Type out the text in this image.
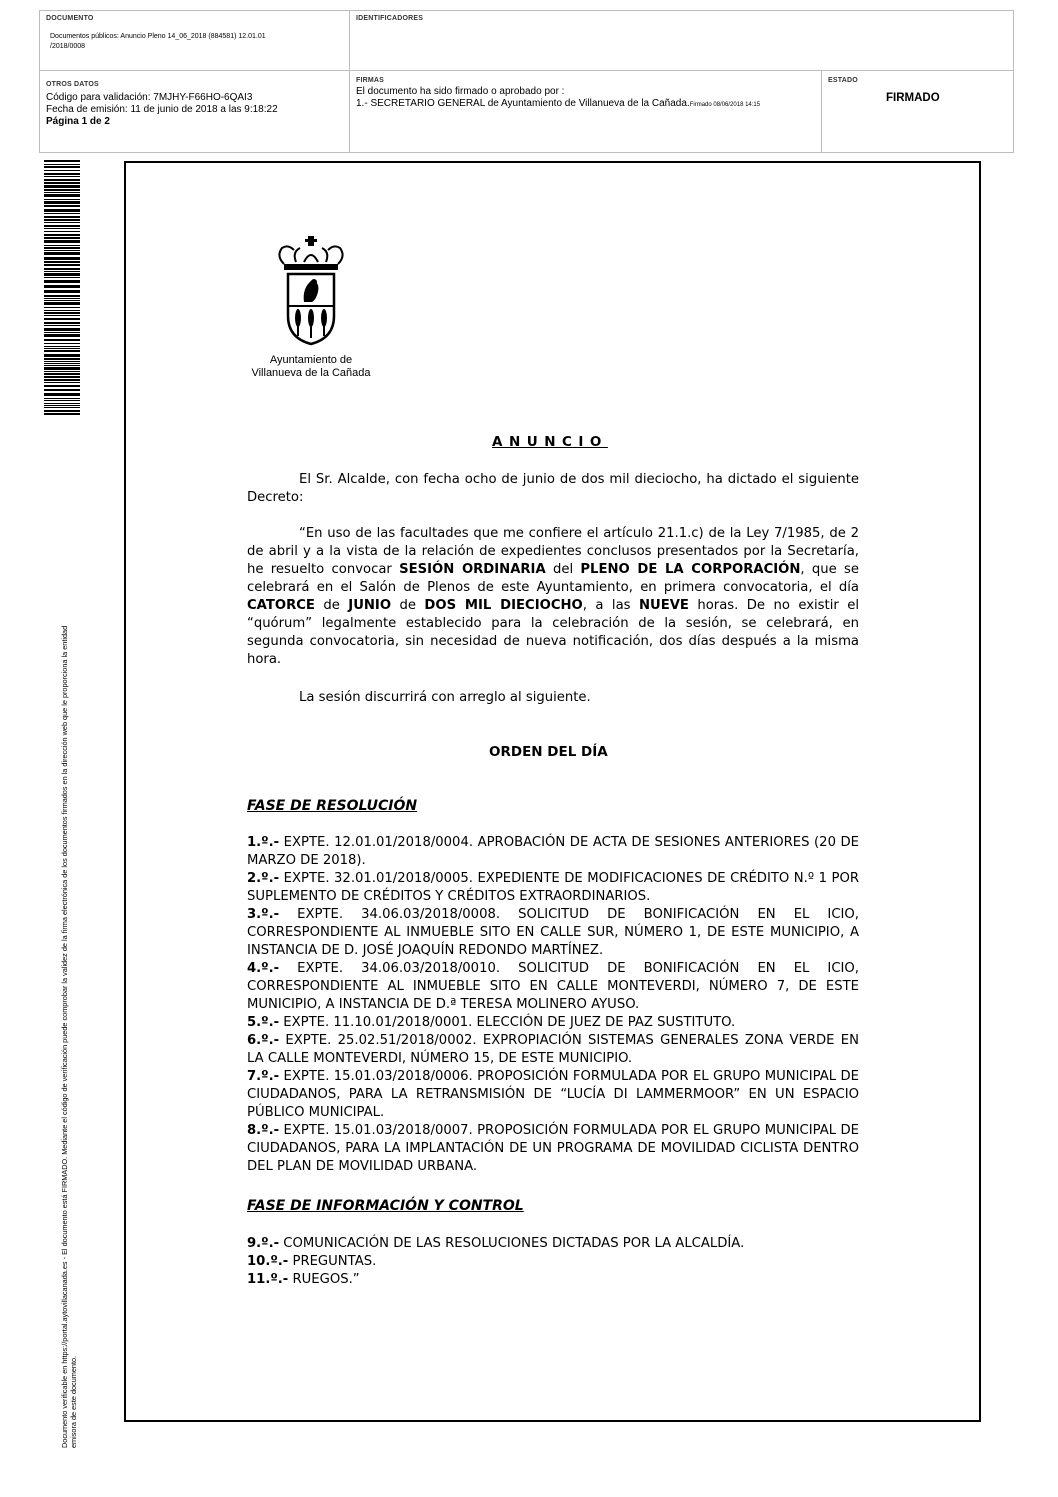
DOCUMENTO
Documentos públicos: Anuncio Pleno 14_06_2018 (884581) 12.01.01
/2018/0008
IDENTIFICADORES
OTROS DATOS
Código para validación: 7MJHY-F66HO-6QAI3
Fecha de emisión: 11 de junio de 2018 a las 9:18:22
Página 1 de 2
FIRMAS
El documento ha sido firmado o aprobado por :
1.- SECRETARIO GENERAL de Ayuntamiento de Villanueva de la Cañada.Firmado 08/06/2018 14:15
ESTADO
FIRMADO
Documento verificable en https://portal.aytovillacanada.es - El documento está FIRMADO. Mediante el código de verificación puede comprobar la validez de la firma electrónica de los documentos firmados en la dirección web que le proporciona la entidad emisora de este documento.
Ayuntamiento de
Villanueva de la Cañada
ANUNCIO

El Sr. Alcalde, con fecha ocho de junio de dos mil dieciocho, ha dictado el siguiente Decreto:

“En uso de las facultades que me confiere el artículo 21.1.c) de la Ley 7/1985, de 2 de abril y a la vista de la relación de expedientes conclusos presentados por la Secretaría, he resuelto convocar SESIÓN ORDINARIA del PLENO DE LA CORPORACIÓN, que se celebrará en el Salón de Plenos de este Ayuntamiento, en primera convocatoria, el día CATORCE de JUNIO de DOS MIL DIECIOCHO, a las NUEVE horas. De no existir el “quórum” legalmente establecido para la celebración de la sesión, se celebrará, en segunda convocatoria, sin necesidad de nueva notificación, dos días después a la misma hora.

La sesión discurrirá con arreglo al siguiente.

ORDEN DEL DÍA
FASE DE RESOLUCIÓN

1.º.- EXPTE. 12.01.01/2018/0004. APROBACIÓN DE ACTA DE SESIONES ANTERIORES (20 DE MARZO DE 2018).

2.º.- EXPTE. 32.01.01/2018/0005. EXPEDIENTE DE MODIFICACIONES DE CRÉDITO N.º 1 POR SUPLEMENTO DE CRÉDITOS Y CRÉDITOS EXTRAORDINARIOS.

3.º.- EXPTE. 34.06.03/2018/0008. SOLICITUD DE BONIFICACIÓN EN EL ICIO, CORRESPONDIENTE AL INMUEBLE SITO EN CALLE SUR, NÚMERO 1, DE ESTE MUNICIPIO, A INSTANCIA DE D. JOSÉ JOAQUÍN REDONDO MARTÍNEZ.

4.º.- EXPTE. 34.06.03/2018/0010. SOLICITUD DE BONIFICACIÓN EN EL ICIO, CORRESPONDIENTE AL INMUEBLE SITO EN CALLE MONTEVERDI, NÚMERO 7, DE ESTE MUNICIPIO, A INSTANCIA DE D.ª TERESA MOLINERO AYUSO.

5.º.- EXPTE. 11.10.01/2018/0001. ELECCIÓN DE JUEZ DE PAZ SUSTITUTO.

6.º.- EXPTE. 25.02.51/2018/0002. EXPROPIACIÓN SISTEMAS GENERALES ZONA VERDE EN LA CALLE MONTEVERDI, NÚMERO 15, DE ESTE MUNICIPIO.

7.º.- EXPTE. 15.01.03/2018/0006. PROPOSICIÓN FORMULADA POR EL GRUPO MUNICIPAL DE CIUDADANOS, PARA LA RETRANSMISIÓN DE “LUCÍA DI LAMMERMOOR” EN UN ESPACIO PÚBLICO MUNICIPAL.

8.º.- EXPTE. 15.01.03/2018/0007. PROPOSICIÓN FORMULADA POR EL GRUPO MUNICIPAL DE CIUDADANOS, PARA LA IMPLANTACIÓN DE UN PROGRAMA DE MOVILIDAD CICLISTA DENTRO DEL PLAN DE MOVILIDAD URBANA.

FASE DE INFORMACIÓN Y CONTROL

9.º.- COMUNICACIÓN DE LAS RESOLUCIONES DICTADAS POR LA ALCALDÍA.

10.º.- PREGUNTAS.

11.º.- RUEGOS.”
